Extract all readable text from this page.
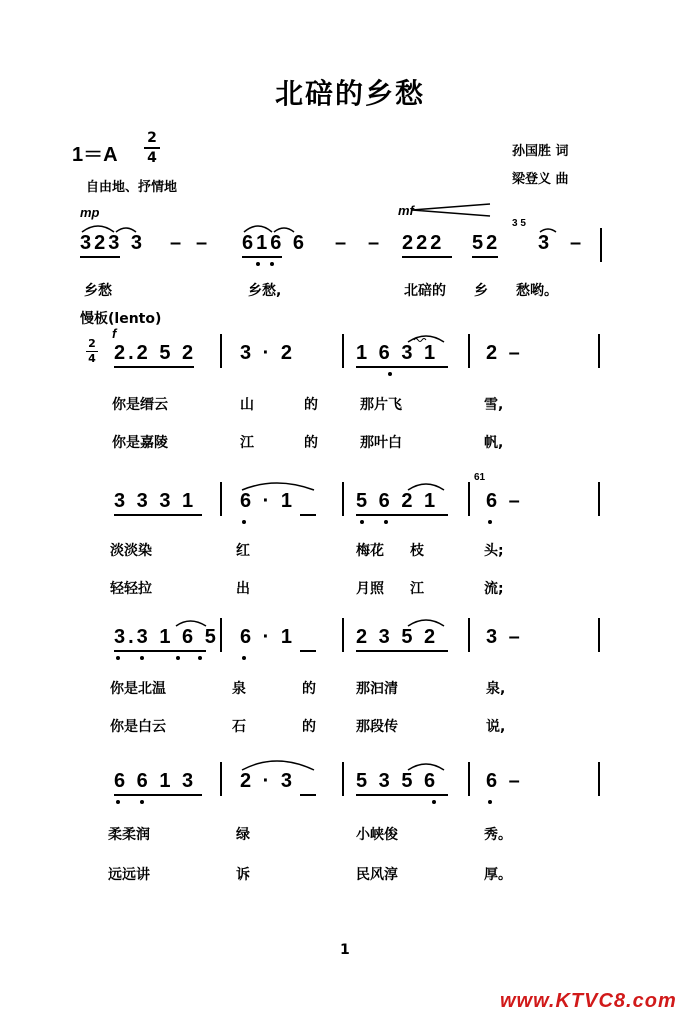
北碚的乡愁
1＝A
2
4	孙国胜 词
梁登义 曲
自由地、抒情地
mp	mf
323 3 – – 616 6 – – 222 52
3 5
3 –
乡愁	乡愁,	北碚的 乡 愁哟。
慢板(lento)
f
2
4 2.2 5 2 3 · 2	1 6 3 1 2 –
你是缙云	山	的	那片飞	雪,
你是嘉陵	江	的	那叶白	帆,
3 3 3 1 6 · 1	5 6 2 1
61
6 –
淡淡染	红	梅花 枝	头;
轻轻拉	出	月照 江	流;
3.3 1 6 5 6 · 1	2 3 5 2 3 –
你是北温	泉	的	那汩清	泉,
你是白云	石	的	那段传	说,
6 6 1 3 2 · 3	5 3 5 6 6 –
柔柔润	绿	小峡俊	秀。
远远讲	诉	民风淳	厚。
1
www.KTVC8.com
